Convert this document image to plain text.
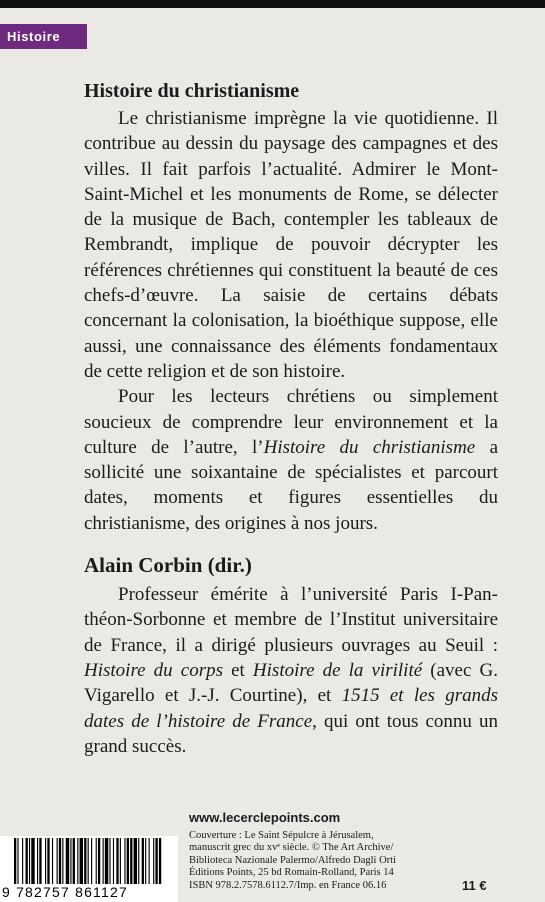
Histoire
Histoire du christianisme

Le christianisme imprègne la vie quotidienne. Il contribue au dessin du paysage des campagnes et des villes. Il fait parfois l’actualité. Admirer le Mont-Saint-Michel et les monuments de Rome, se délecter de la musique de Bach, contempler les tableaux de Rembrandt, implique de pouvoir décrypter les références chrétiennes qui constituent la beauté de ces chefs-d’œuvre. La saisie de certains débats concernant la colonisation, la bioéthique suppose, elle aussi, une connaissance des éléments fondamentaux de cette religion et de son histoire.

Pour les lecteurs chrétiens ou simplement soucieux de comprendre leur environnement et la culture de l’autre, l’Histoire du christianisme a sollicité une soixantaine de spécialistes et parcourt dates, moments et figures essentielles du christianisme, des origines à nos jours.

Alain Corbin (dir.)

Professeur émérite à l’université Paris I-Panthéon-Sorbonne et membre de l’Institut universitaire de France, il a dirigé plusieurs ouvrages au Seuil : Histoire du corps et Histoire de la virilité (avec G. Vigarello et J.-J. Courtine), et 1515 et les grands dates de l’histoire de France, qui ont tous connu un grand succès.

www.lecerclepoints.com
Couverture : Le Saint Sépulcre à Jérusalem,
manuscrit grec du xvᵉ siècle. © The Art Archive/
Biblioteca Nazionale Palermo/Alfredo Dagli Orti
Éditions Points, 25 bd Romain-Rolland, Paris 14
ISBN 978.2.7578.6112.7/Imp. en France 06.16	11 €
9 782757 861127
